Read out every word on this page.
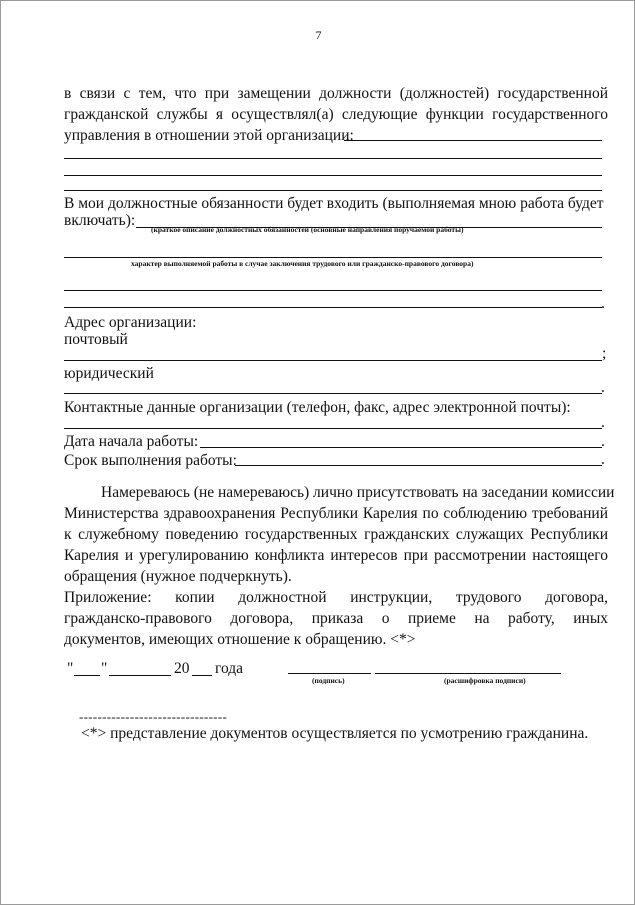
7
в связи с тем, что при замещении должности (должностей) государственной
гражданской службы я осуществлял(а) следующие функции государственного
управления в отношении этой организации:
В мои должностные обязанности будет входить (выполняемая мною работа будет
включать):
(краткое описание должностных обязанностей (основные направления поручаемой работы)
характер выполняемой работы в случае заключения трудового или гражданско-правового договора)
.
Адрес организации:
почтовый
;
юридический
.
Контактные данные организации (телефон, факс, адрес электронной почты):
.
Дата начала работы:	.
Срок выполнения работы:	.
Намереваюсь (не намереваюсь) лично присутствовать на заседании комиссии
Министерства здравоохранения Республики Карелия по соблюдению требований
к служебному поведению государственных гражданских служащих Республики
Карелия и урегулированию конфликта интересов при рассмотрении настоящего
обращения (нужное подчеркнуть).
Приложение: копии должностной инструкции, трудового договора,
гражданско-правового договора, приказа о приеме на работу, иных
документов, имеющих отношение к обращению. <*>
" "	20 года
(подпись)	(расшифровка подписи)
--------------------------------
<*> представление документов осуществляется по усмотрению гражданина.
